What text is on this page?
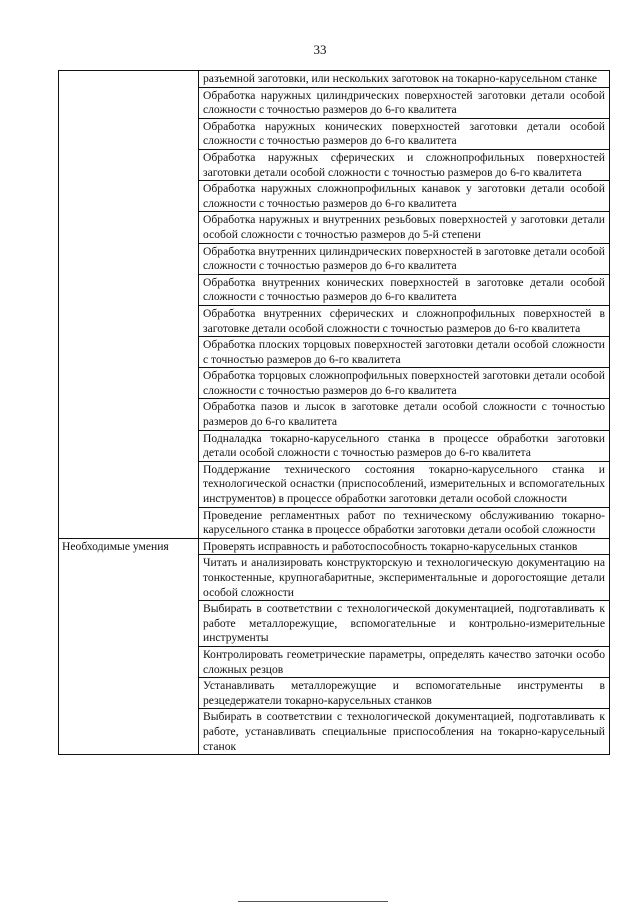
33
	разъемной заготовки, или нескольких заготовок на токарно-карусельном станке
	Обработка наружных цилиндрических поверхностей заготовки детали особой сложности с точностью размеров до 6-го квалитета
	Обработка наружных конических поверхностей заготовки детали особой сложности с точностью размеров до 6-го квалитета
	Обработка наружных сферических и сложнопрофильных поверхностей заготовки детали особой сложности с точностью размеров до 6-го квалитета
	Обработка наружных сложнопрофильных канавок у заготовки детали особой сложности с точностью размеров до 6-го квалитета
	Обработка наружных и внутренних резьбовых поверхностей у заготовки детали особой сложности с точностью размеров до 5-й степени
	Обработка внутренних цилиндрических поверхностей в заготовке детали особой сложности с точностью размеров до 6-го квалитета
	Обработка внутренних конических поверхностей в заготовке детали особой сложности с точностью размеров до 6-го квалитета
	Обработка внутренних сферических и сложнопрофильных поверхностей в заготовке детали особой сложности с точностью размеров до 6-го квалитета
	Обработка плоских торцовых поверхностей заготовки детали особой сложности с точностью размеров до 6-го квалитета
	Обработка торцовых сложнопрофильных поверхностей заготовки детали особой сложности с точностью размеров до 6-го квалитета
	Обработка пазов и лысок в заготовке детали особой сложности с точностью размеров до 6-го квалитета
	Подналадка токарно-карусельного станка в процессе обработки заготовки детали особой сложности с точностью размеров до 6-го квалитета
	Поддержание технического состояния токарно-карусельного станка и технологической оснастки (приспособлений, измерительных и вспомогательных инструментов) в процессе обработки заготовки детали особой сложности
	Проведение регламентных работ по техническому обслуживанию токарно-карусельного станка в процессе обработки заготовки детали особой сложности
Необходимые умения	Проверять исправность и работоспособность токарно-карусельных станков
	Читать и анализировать конструкторскую и технологическую документацию на тонкостенные, крупногабаритные, экспериментальные и дорогостоящие детали особой сложности
	Выбирать в соответствии с технологической документацией, подготавливать к работе металлорежущие, вспомогательные и контрольно-измерительные инструменты
	Контролировать геометрические параметры, определять качество заточки особо сложных резцов
	Устанавливать металлорежущие и вспомогательные инструменты в резцедержатели токарно-карусельных станков
	Выбирать в соответствии с технологической документацией, подготавливать к работе, устанавливать специальные приспособления на токарно-карусельный станок
